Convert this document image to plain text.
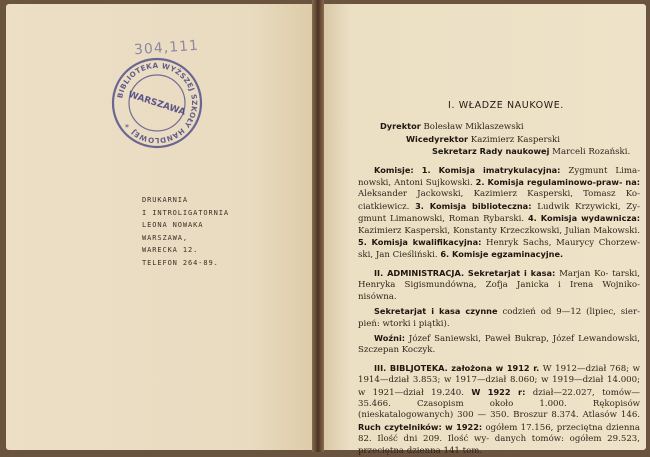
304,111
BIBLIOTEKA WYŻSZEJ SZKOŁY HANDLOWEJ
WARSZAWA
*
DRUKARNIA
I INTROLIGATORNIA
LEONA NOWAKA
WARSZAWA,
WARECKA 12.
TELEFON 264-89.

I. WŁADZE NAUKOWE.

Dyrektor Bolesław Miklaszewski

Wicedyrektor Kazimierz Kasperski

Sekretarz Rady naukowej Marceli Rozański.

Komisje: 1. Komisja imatrykulacyjna: Zygmunt Lima- nowski, Antoni Sujkowski. 2. Komisja regulaminowo-praw- na: Aleksander Jackowski, Kazimierz Kasperski, Tomasz Ko- ciatkiewicz. 3. Komisja biblioteczna: Ludwik Krzywicki, Zy- gmunt Limanowski, Roman Rybarski. 4. Komisja wydawnicza: Kazimierz Kasperski, Konstanty Krzeczkowski, Julian Makowski. 5. Komisja kwalifikacyjna: Henryk Sachs, Maurycy Chorzew- ski, Jan Cieśliński. 6. Komisje egzaminacyjne.

II. ADMINISTRACJA. Sekretarjat i kasa: Marjan Ko- tarski, Henryka Sigismundówna, Zofja Janicka i Irena Wojniko- nisówna.

Sekretarjat i kasa czynne codzień od 9—12 (lipiec, sier- pień: wtorki i piątki).

Woźni: Józef Saniewski, Paweł Bukrap, Józef Lewandowski, Szczepan Koczyk.

III. BIBLJOTEKA. założona w 1912 r. W 1912—dział 768; w 1914—dział 3.853; w 1917—dział 8.060; w 1919—dział 14.000; w 1921—dział 19.240. W 1922 r: dział—22.027, tomów—35.466.	Czasopism około 1.000. Rękopisów (nieskatalogowanych) 300 — 350. Broszur 8.374. Atlasów 146. Ruch czytelników: w 1922: ogółem 17.156, przeciętna dzienna 82. Ilość dni 209. Ilość wy- danych tomów: ogółem 29.523, przeciętna dzienna 141 tom.
